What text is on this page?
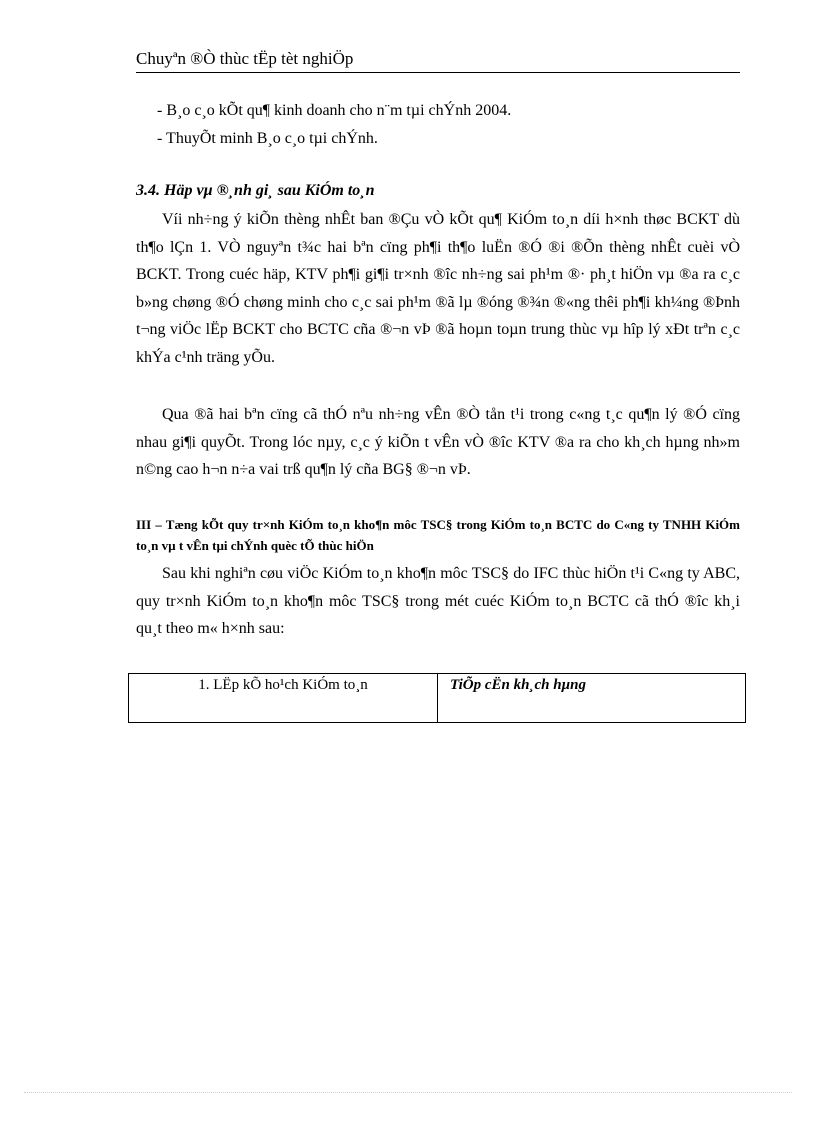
Chuyªn ®Ò thùc tËp tèt nghiÖp
- B¸o c¸o kÕt qu¶ kinh doanh cho n¨m tµi chÝnh 2004.
- ThuyÕt minh B¸o c¸o tµi chÝnh.
3.4. Häp vµ ®¸nh gi¸ sau KiÓm to¸n

Víi nh÷ng ý kiÕn thèng nhÊt ban ®Çu vÒ kÕt qu¶ KiÓm to¸n díi h×nh thøc BCKT dù th¶o lÇn 1. VÒ nguyªn t¾c hai bªn cïng ph¶i th¶o luËn ®Ó ®i ®Õn thèng nhÊt cuèi vÒ BCKT. Trong cuéc häp, KTV ph¶i gi¶i tr×nh ®îc nh÷ng sai ph¹m ®· ph¸t hiÖn vµ ®a ra c¸c b»ng chøng ®Ó chøng minh cho c¸c sai ph¹m ®ã lµ ®óng ®¾n ®«ng thêi ph¶i kh¼ng ®Þnh t¬ng viÖc lËp BCKT cho BCTC cña ®¬n vÞ ®ã hoµn toµn trung thùc vµ hîp lý xÐt trªn c¸c khÝa c¹nh träng yÕu.

Qua ®ã hai bªn cïng cã thÓ nªu nh÷ng vÊn ®Ò tån t¹i trong c«ng t¸c qu¶n lý ®Ó cïng nhau gi¶i quyÕt. Trong lóc nµy, c¸c ý kiÕn t vÊn vÒ ®îc KTV ®a ra cho kh¸ch hµng nh»m n©ng cao h¬n n÷a vai trß qu¶n lý cña BG§ ®¬n vÞ.

III – Tæng kÕt quy tr×nh KiÓm to¸n kho¶n môc TSC§ trong KiÓm to¸n BCTC do C«ng ty TNHH KiÓm to¸n vµ t vÊn tµi chÝnh quèc tÕ thùc hiÖn

Sau khi nghiªn cøu viÖc KiÓm to¸n kho¶n môc TSC§ do IFC thùc hiÖn t¹i C«ng ty ABC, quy tr×nh KiÓm to¸n kho¶n môc TSC§ trong mét cuéc KiÓm to¸n BCTC cã thÓ ®îc kh¸i qu¸t theo m« h×nh sau:

1. LËp kÕ ho¹ch KiÓm to¸n	TiÕp cËn kh¸ch hµng
